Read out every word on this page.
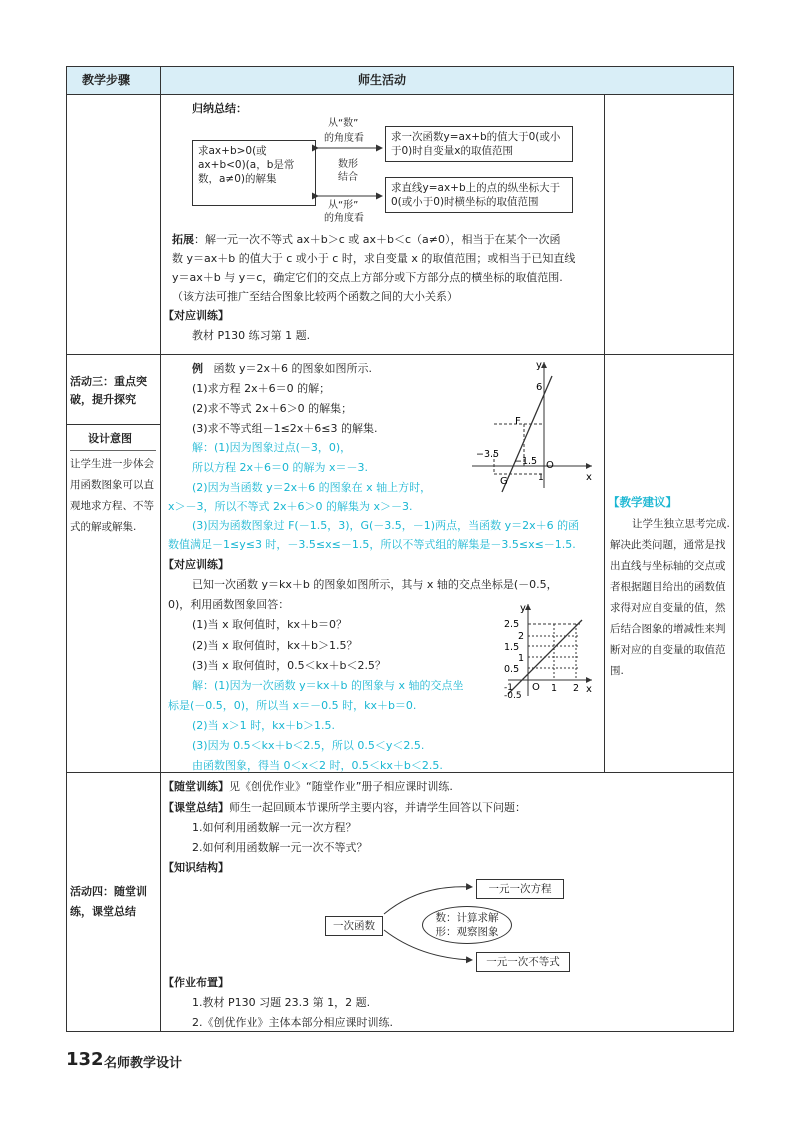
教学步骤	师生活动
归纳总结：
求ax+b>0(或ax+b<0)(a，b是常数，a≠0)的解集
求一次函数y=ax+b的值大于0(或小于0)时自变量x的取值范围
求直线y=ax+b上的点的纵坐标大于0(或小于0)时横坐标的取值范围
从“数”
的角度看
数形
结合
从“形”
的角度看
拓展：解一元一次不等式 ax＋b＞c 或 ax＋b＜c（a≠0），相当于在某个一次函
数 y＝ax＋b 的值大于 c 或小于 c 时，求自变量 x 的取值范围；或相当于已知直线
y＝ax＋b 与 y＝c，确定它们的交点上方部分或下方部分点的横坐标的取值范围.
（该方法可推广至结合图象比较两个函数之间的大小关系）
【对应训练】
教材 P130 练习第 1 题.
活动三：重点突
破，提升探究
设计意图
让学生进一步体会用函数图象可以直观地求方程、不等式的解或解集.
例 函数 y＝2x＋6 的图象如图所示.
(1)求方程 2x＋6＝0 的解；
(2)求不等式 2x＋6＞0 的解集；
(3)求不等式组－1≤2x＋6≤3 的解集.
解：(1)因为图象过点(－3，0)，
所以方程 2x＋6＝0 的解为 x＝－3.
(2)因为当函数 y＝2x＋6 的图象在 x 轴上方时，
x＞－3，所以不等式 2x＋6＞0 的解集为 x＞－3.
(3)因为函数图象过 F(－1.5，3)，G(－3.5，－1)两点，当函数 y＝2x＋6 的函
数值满足－1≤y≤3 时，－3.5≤x≤－1.5，所以不等式组的解集是－3.5≤x≤－1.5.
y
x
6
F
G
−3.5
−1.5 O
1
【对应训练】
已知一次函数 y＝kx＋b 的图象如图所示，其与 x 轴的交点坐标是(－0.5，
0)，利用函数图象回答：
(1)当 x 取何值时，kx＋b＝0？
(2)当 x 取何值时，kx＋b＞1.5？
(3)当 x 取何值时，0.5＜kx＋b＜2.5？
解：(1)因为一次函数 y＝kx＋b 的图象与 x 轴的交点坐
标是(－0.5，0)，所以当 x＝－0.5 时，kx＋b＝0.
(2)当 x＞1 时，kx＋b＞1.5.
(3)因为 0.5＜kx＋b＜2.5，所以 0.5＜y＜2.5.
由函数图象，得当 0＜x＜2 时，0.5＜kx＋b＜2.5.
y
x
2.5
2
1.5
1
0.5
O 1 2
-1
-0.5
【教学建议】
让学生独立思考完成.解决此类问题，通常是找出直线与坐标轴的交点或者根据题目给出的函数值求得对应自变量的值，然后结合图象的增减性来判断对应的自变量的取值范围.
活动四：随堂训
练，课堂总结
【随堂训练】见《创优作业》“随堂作业”册子相应课时训练.
【课堂总结】师生一起回顾本节课所学主要内容，并请学生回答以下问题：
1.如何利用函数解一元一次方程？
2.如何利用函数解一元一次不等式？
【知识结构】
一次函数
一元一次方程
一元一次不等式
数：计算求解
形：观察图象
【作业布置】
1.教材 P130 习题 23.3 第 1，2 题.
2.《创优作业》主体本部分相应课时训练.
132 名师教学设计
